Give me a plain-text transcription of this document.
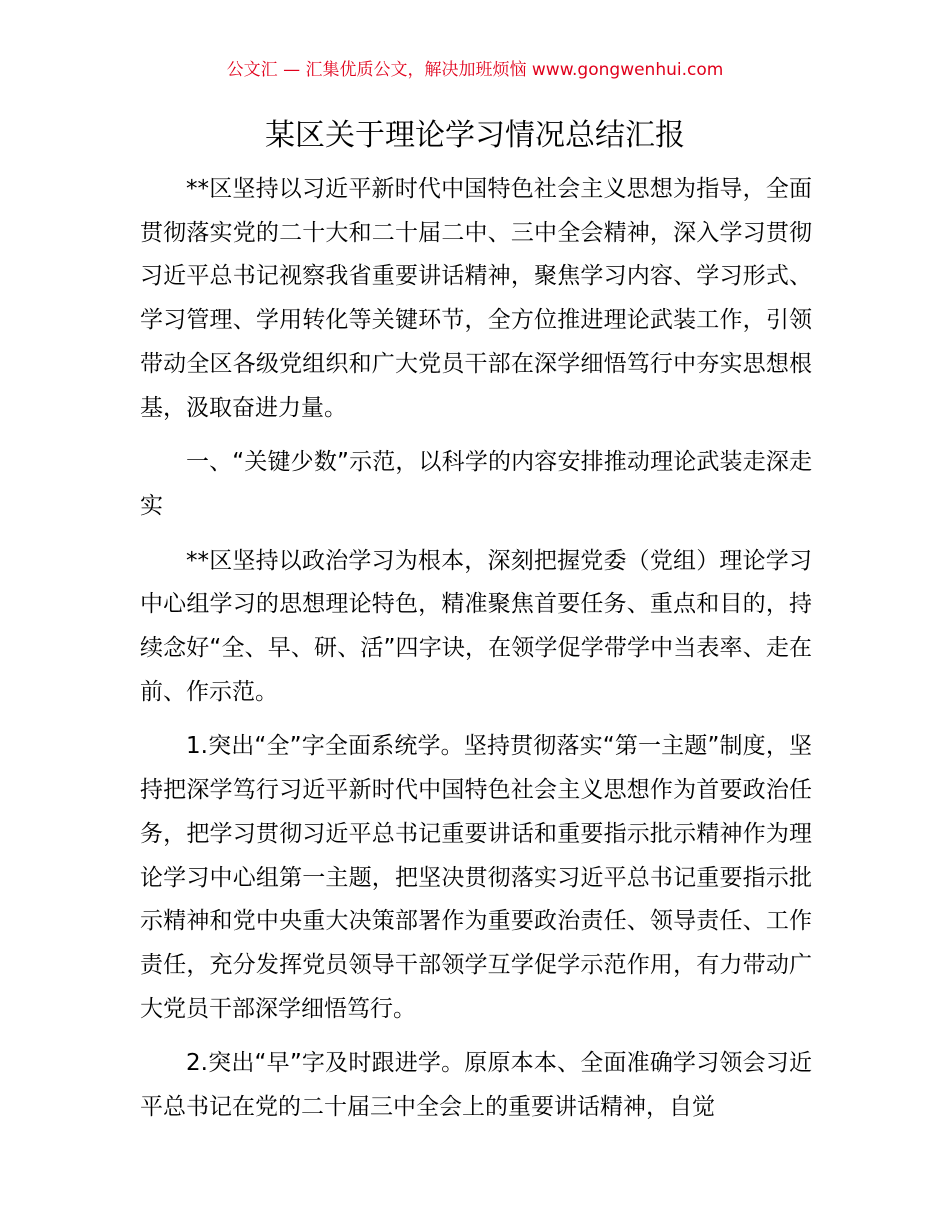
公文汇 — 汇集优质公文，解决加班烦恼 www.gongwenhui.com
某区关于理论学习情况总结汇报

**区坚持以习近平新时代中国特色社会主义思想为指导，全面贯彻落实党的二十大和二十届二中、三中全会精神，深入学习贯彻习近平总书记视察我省重要讲话精神，聚焦学习内容、学习形式、学习管理、学用转化等关键环节，全方位推进理论武装工作，引领带动全区各级党组织和广大党员干部在深学细悟笃行中夯实思想根基，汲取奋进力量。

一、“关键少数”示范，以科学的内容安排推动理论武装走深走实

**区坚持以政治学习为根本，深刻把握党委（党组）理论学习中心组学习的思想理论特色，精准聚焦首要任务、重点和目的，持续念好“全、早、研、活”四字诀，在领学促学带学中当表率、走在前、作示范。

1.突出“全”字全面系统学。坚持贯彻落实“第一主题”制度，坚持把深学笃行习近平新时代中国特色社会主义思想作为首要政治任务，把学习贯彻习近平总书记重要讲话和重要指示批示精神作为理论学习中心组第一主题，把坚决贯彻落实习近平总书记重要指示批示精神和党中央重大决策部署作为重要政治责任、领导责任、工作责任，充分发挥党员领导干部领学互学促学示范作用，有力带动广大党员干部深学细悟笃行。

2.突出“早”字及时跟进学。原原本本、全面准确学习领会习近平总书记在党的二十届三中全会上的重要讲话精神，自觉
